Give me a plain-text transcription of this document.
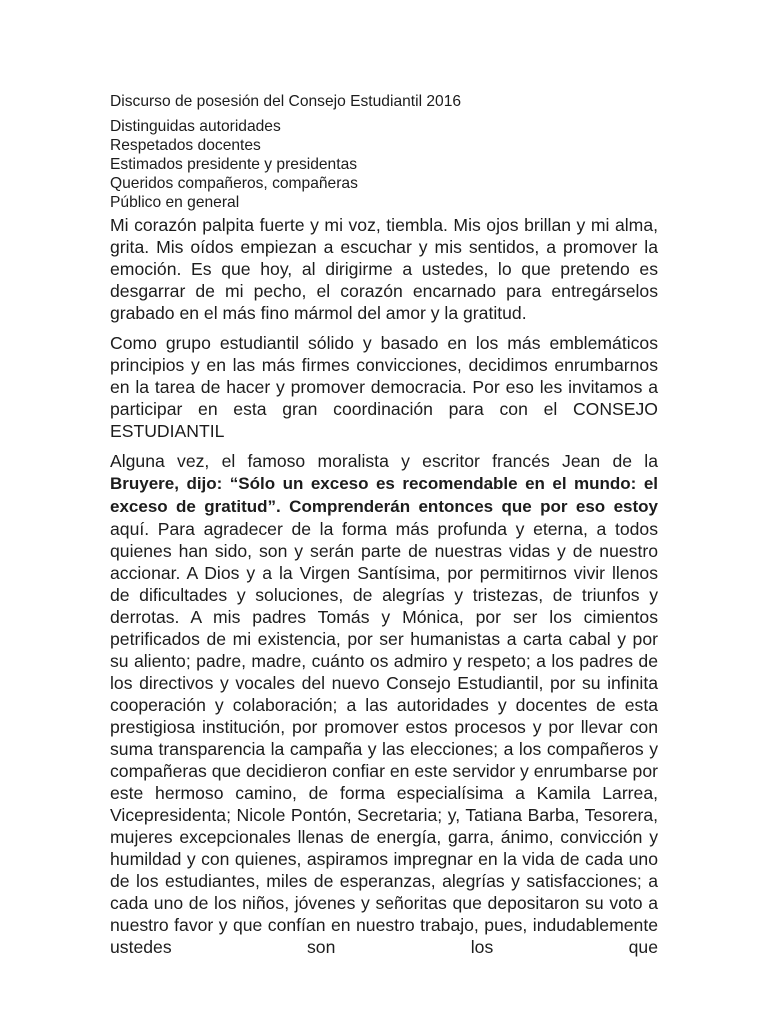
Discurso de posesión del Consejo Estudiantil 2016
Distinguidas autoridades
Respetados docentes
Estimados presidente y presidentas
Queridos compañeros, compañeras
Público en general

Mi corazón palpita fuerte y mi voz, tiembla. Mis ojos brillan y mi alma, grita. Mis oídos empiezan a escuchar y mis sentidos, a promover la emoción. Es que hoy, al dirigirme a ustedes, lo que pretendo es desgarrar de mi pecho, el corazón encarnado para entregárselos grabado en el más fino mármol del amor y la gratitud.

Como grupo estudiantil sólido y basado en los más emblemáticos principios y en las más firmes convicciones, decidimos enrumbarnos en la tarea de hacer y promover democracia. Por eso les invitamos a participar en esta gran coordinación para con el CONSEJO ESTUDIANTIL

Alguna vez, el famoso moralista y escritor francés Jean de la Bruyere, dijo: “Sólo un exceso es recomendable en el mundo: el exceso de gratitud”. Comprenderán entonces que por eso estoy aquí. Para agradecer de la forma más profunda y eterna, a todos quienes han sido, son y serán parte de nuestras vidas y de nuestro accionar. A Dios y a la Virgen Santísima, por permitirnos vivir llenos de dificultades y soluciones, de alegrías y tristezas, de triunfos y derrotas. A mis padres Tomás y Mónica, por ser los cimientos petrificados de mi existencia, por ser humanistas a carta cabal y por su aliento; padre, madre, cuánto os admiro y respeto; a los padres de los directivos y vocales del nuevo Consejo Estudiantil, por su infinita cooperación y colaboración; a las autoridades y docentes de esta prestigiosa institución, por promover estos procesos y por llevar con suma transparencia la campaña y las elecciones; a los compañeros y compañeras que decidieron confiar en este servidor y enrumbarse por este hermoso camino, de forma especialísima a Kamila Larrea, Vicepresidenta; Nicole Pontón, Secretaria; y, Tatiana Barba, Tesorera, mujeres excepcionales llenas de energía, garra, ánimo, convicción y humildad y con quienes, aspiramos impregnar en la vida de cada uno de los estudiantes, miles de esperanzas, alegrías y satisfacciones; a cada uno de los niños, jóvenes y señoritas que depositaron su voto a nuestro favor y que confían en nuestro trabajo, pues, indudablemente ustedes son los que
